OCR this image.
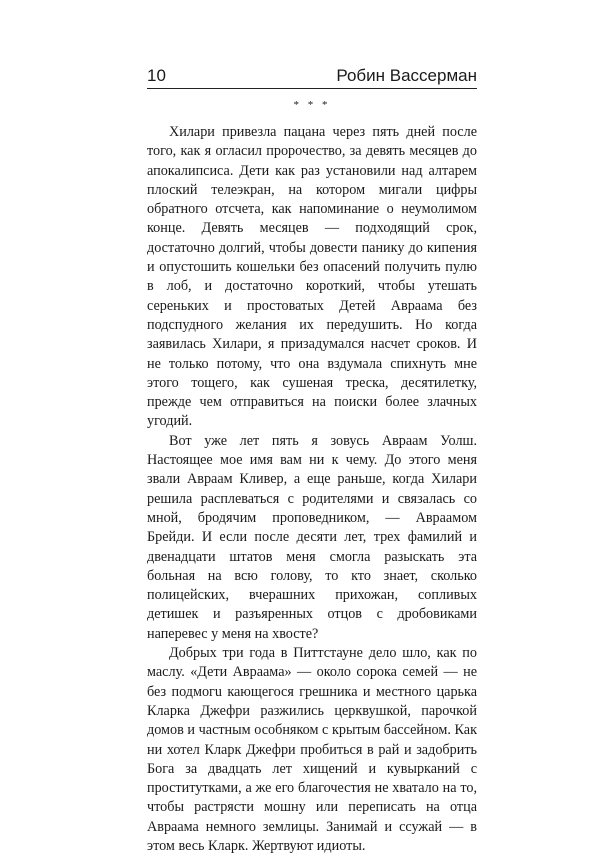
10	Робин Вассерман
* * *

Хилари привезла пацана через пять дней после того, как я огласил пророчество, за девять месяцев до апокалипсиса. Дети как раз установили над алтарем плоский телеэкран, на котором мигали цифры обратного отсчета, как напоминание о неумолимом конце. Девять месяцев — подходящий срок, достаточно долгий, чтобы довести панику до кипения и опустошить кошельки без опасений получить пулю в лоб, и достаточно короткий, чтобы утешать сереньких и простоватых Детей Авраама без подспудного желания их передушить. Но когда заявилась Хилари, я призадумался насчет сроков. И не только потому, что она вздумала спихнуть мне этого тощего, как сушеная треска, десятилетку, прежде чем отправиться на поиски более злачных угодий.

Вот уже лет пять я зовусь Авраам Уолш. Настоящее мое имя вам ни к чему. До этого меня звали Авраам Кливер, а еще раньше, когда Хилари решила расплеваться с родителями и связалась со мной, бродячим проповедником, — Авраамом Брейди. И если после десяти лет, трех фамилий и двенадцати штатов меня смогла разыскать эта больная на всю голову, то кто знает, сколько полицейских, вчерашних прихожан, сопливых детишек и разъяренных отцов с дробовиками наперевес у меня на хвосте?

Добрых три года в Питтстауне дело шло, как по маслу. «Дети Авраама» — около сорока семей — не без подмогu кающегося грешника и местного царька Кларка Джефри разжились церквушкой, парочкой домов и частным особняком с крытым бассейном. Как ни хотел Кларк Джефри пробиться в рай и задобрить Бога за двадцать лет хищений и кувырканий с проститутками, а же его благочестия не хватало на то, чтобы растрясти мошну или переписать на отца Авраама немного землицы. Занимай и ссужай — в этом весь Кларк. Жертвуют идиоты.
